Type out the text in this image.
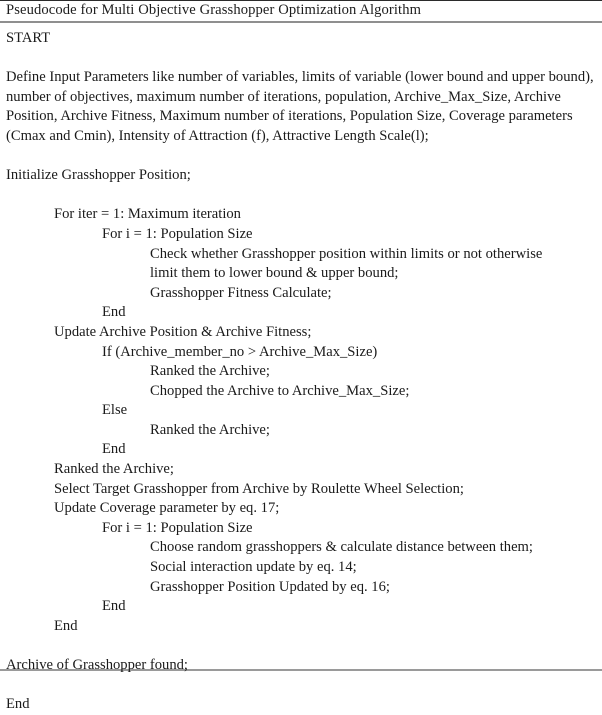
Pseudocode for Multi Objective Grasshopper Optimization Algorithm
START
Define Input Parameters like number of variables, limits of variable (lower bound and upper bound), number of objectives, maximum number of iterations, population, Archive_Max_Size, Archive Position, Archive Fitness, Maximum number of iterations, Population Size, Coverage parameters (Cmax and Cmin), Intensity of Attraction (f), Attractive Length Scale(l);
Initialize Grasshopper Position;
For iter = 1: Maximum iteration
For i = 1: Population Size
Check whether Grasshopper position within limits or not otherwise
limit them to lower bound & upper bound;
Grasshopper Fitness Calculate;
End
Update Archive Position & Archive Fitness;
If (Archive_member_no > Archive_Max_Size)
Ranked the Archive;
Chopped the Archive to Archive_Max_Size;
Else
Ranked the Archive;
End
Ranked the Archive;
Select Target Grasshopper from Archive by Roulette Wheel Selection;
Update Coverage parameter by eq. 17;
For i = 1: Population Size
Choose random grasshoppers & calculate distance between them;
Social interaction update by eq. 14;
Grasshopper Position Updated by eq. 16;
End
End
Archive of Grasshopper found;
End
